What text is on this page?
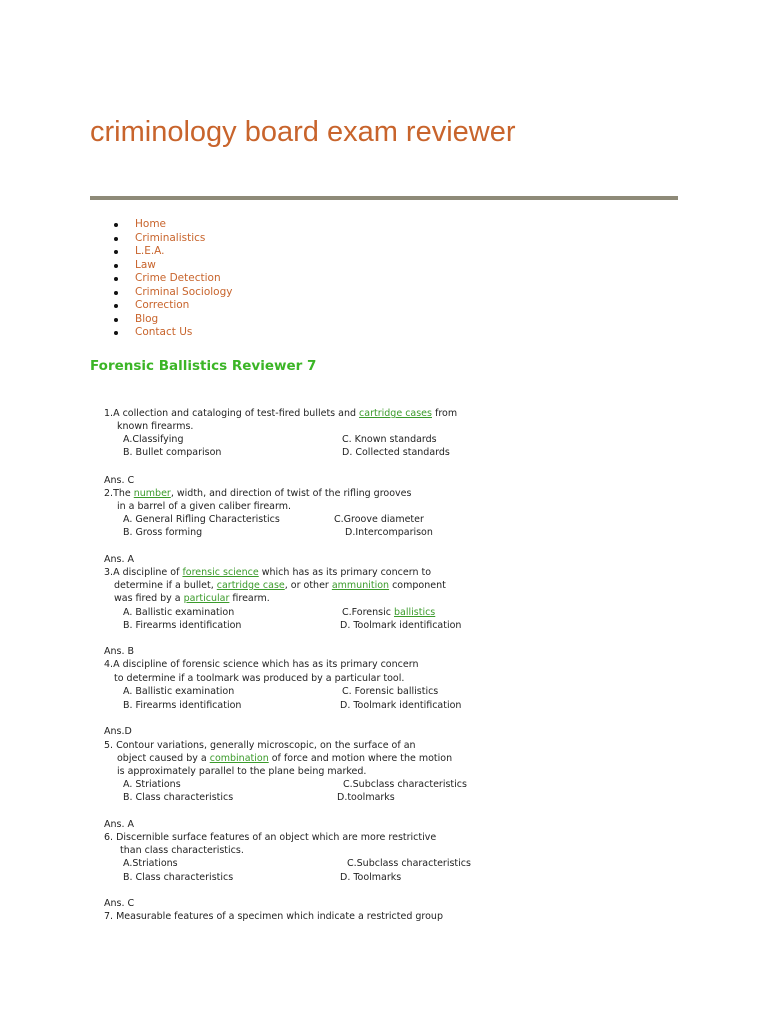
criminology board exam reviewer
Home
Criminalistics
L.E.A.
Law
Crime Detection
Criminal Sociology
Correction
Blog
Contact Us
Forensic Ballistics Reviewer 7
1.A collection and cataloging of test-fired bullets and cartridge cases from
known firearms.
A.Classifying	C. Known standards
B. Bullet comparison	D. Collected standards
Ans. C
2.The number, width, and direction of twist of the rifling grooves
in a barrel of a given caliber firearm.
A. General Rifling Characteristics	C.Groove diameter
B. Gross forming	D.Intercomparison
Ans. A
3.A discipline of forensic science which has as its primary concern to
determine if a bullet, cartridge case, or other ammunition component
was fired by a particular firearm.
A. Ballistic examination	C.Forensic ballistics
B. Firearms identification	D. Toolmark identification
Ans. B
4.A discipline of forensic science which has as its primary concern
to determine if a toolmark was produced by a particular tool.
A. Ballistic examination	C. Forensic ballistics
B. Firearms identification	D. Toolmark identification
Ans.D
5. Contour variations, generally microscopic, on the surface of an
object caused by a combination of force and motion where the motion
is approximately parallel to the plane being marked.
A. Striations	C.Subclass characteristics
B. Class characteristics	D.toolmarks
Ans. A
6. Discernible surface features of an object which are more restrictive
than class characteristics.
A.Striations	C.Subclass characteristics
B. Class characteristics	D. Toolmarks
Ans. C
7. Measurable features of a specimen which indicate a restricted group
